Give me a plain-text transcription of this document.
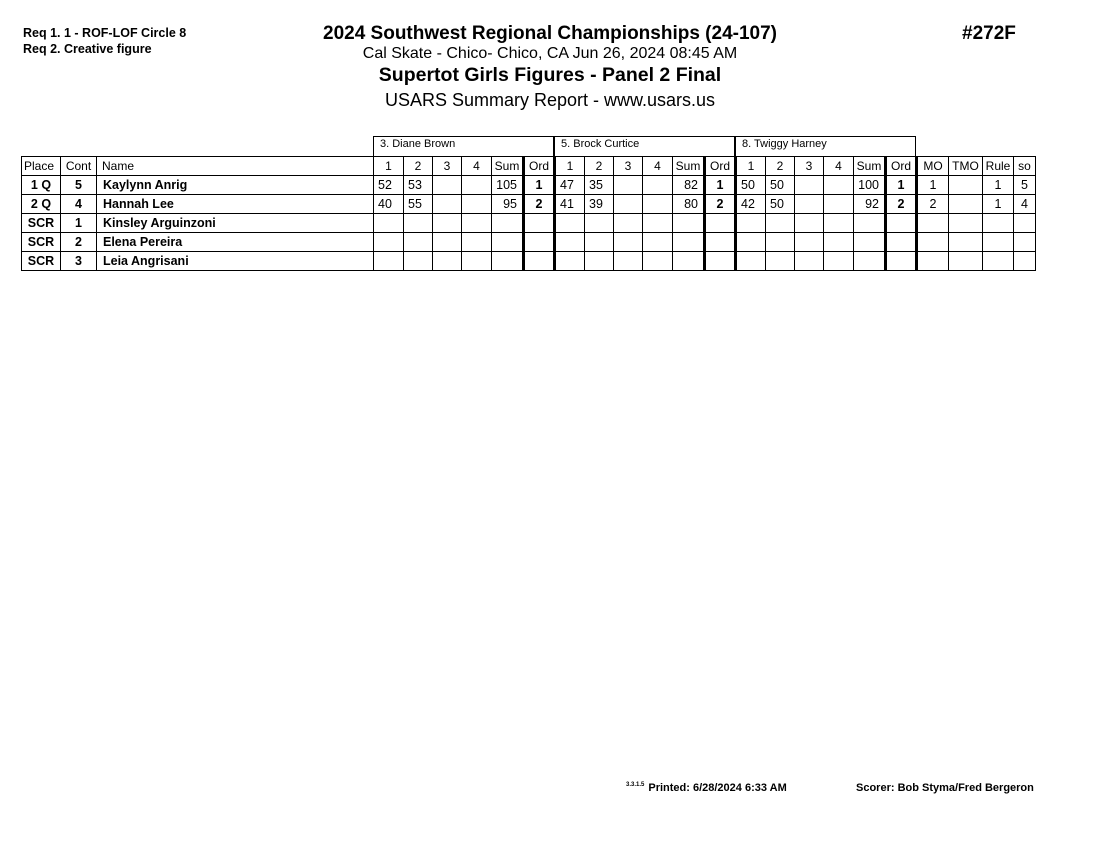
Req 1. 1 - ROF-LOF Circle 8
Req 2. Creative figure
2024 Southwest Regional Championships (24-107)
Cal Skate - Chico- Chico, CA Jun 26, 2024 08:45 AM
Supertot Girls Figures - Panel 2 Final
USARS Summary Report - www.usars.us
#272F
3. Diane Brown	5. Brock Curtice	8. Twiggy Harney
Place	Cont	Name	1	2	3	4	Sum	Ord	1	2	3	4	Sum	Ord	1	2	3	4	Sum	Ord	MO	TMO	Rule	so
1 Q	5	Kaylynn Anrig	52	53			105	1	47	35			82	1	50	50			100	1	1		1	5
2 Q	4	Hannah Lee	40	55			95	2	41	39			80	2	42	50			92	2	2		1	4
SCR	1	Kinsley Arguinzoni																						
SCR	2	Elena Pereira																						
SCR	3	Leia Angrisani																						
$^{3.3.1.5}$ Printed: 6/28/2024 6:33 AM	Scorer: Bob Styma/Fred Bergeron
